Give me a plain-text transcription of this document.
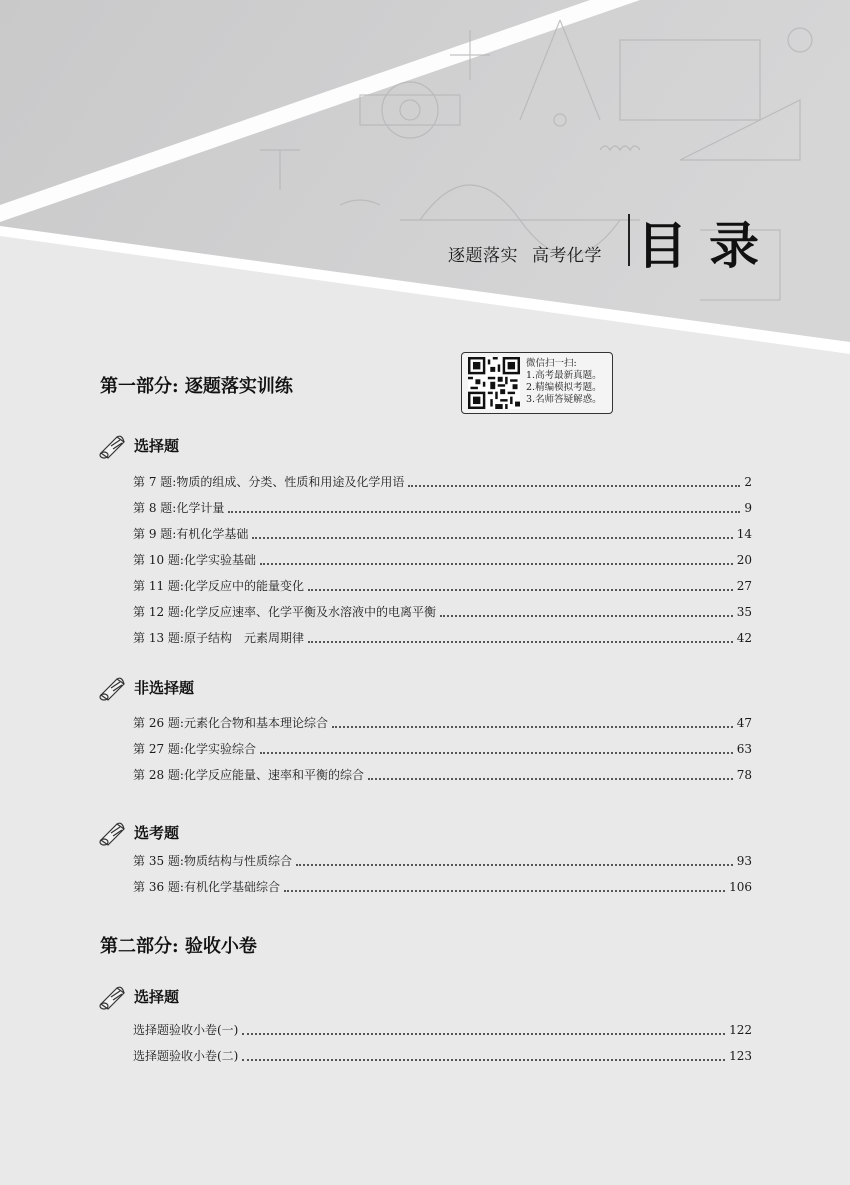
逐题落实 高考化学 目录
第一部分: 逐题落实训练
微信扫一扫:
1.高考最新真题。
2.精编模拟考题。
3.名师答疑解惑。
选择题
第 7 题: 物质的组成、分类、性质和用途及化学用语	2
第 8 题: 化学计量	9
第 9 题: 有机化学基础	14
第 10 题: 化学实验基础	20
第 11 题: 化学反应中的能量变化	27
第 12 题: 化学反应速率、化学平衡及水溶液中的电离平衡	35
第 13 题: 原子结构　元素周期律	42
非选择题
第 26 题: 元素化合物和基本理论综合	47
第 27 题: 化学实验综合	63
第 28 题: 化学反应能量、速率和平衡的综合	78
选考题
第 35 题: 物质结构与性质综合	93
第 36 题: 有机化学基础综合	106
第二部分: 验收小卷
选择题
选择题验收小卷(一)	122
选择题验收小卷(二)	123
